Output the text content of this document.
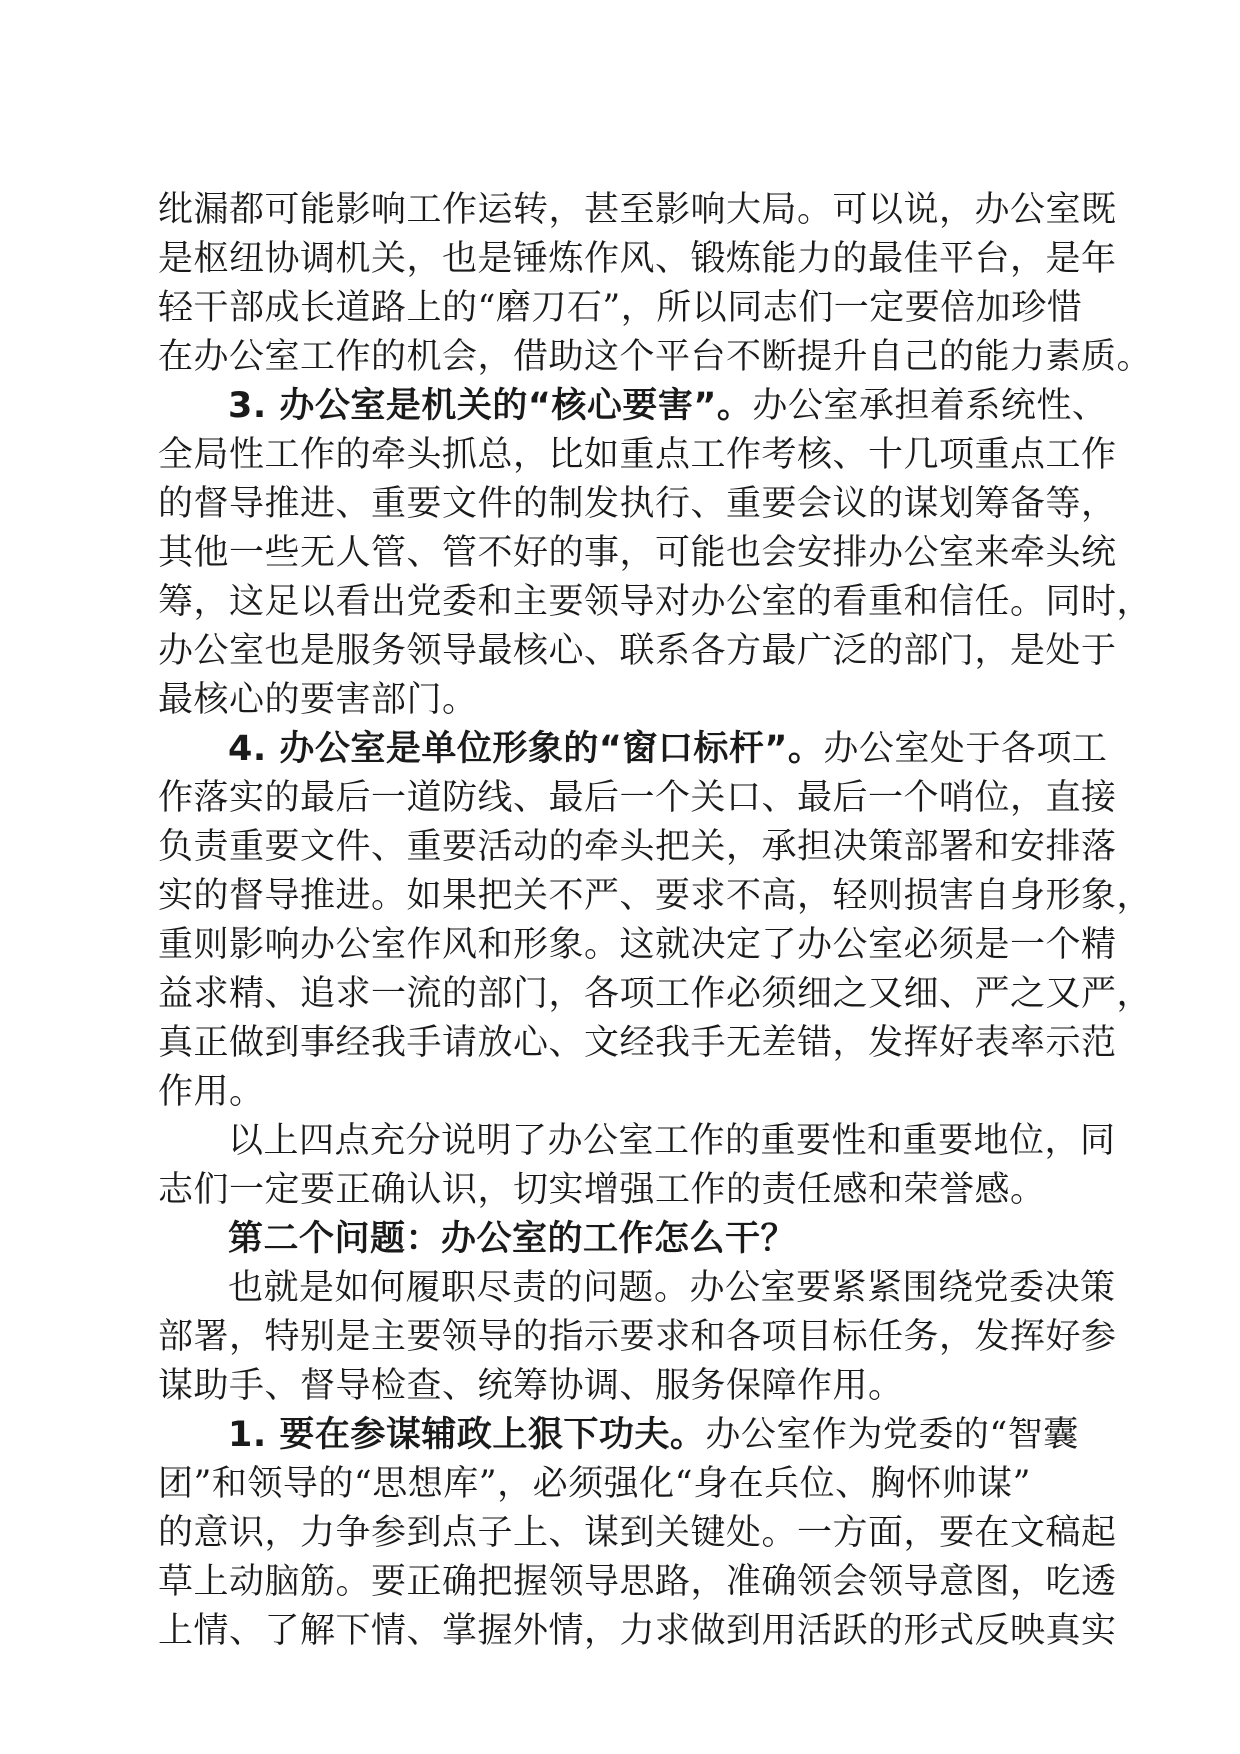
纰漏都可能影响工作运转，甚至影响大局。可以说，办公室既
是枢纽协调机关，也是锤炼作风、锻炼能力的最佳平台，是年
轻干部成长道路上的“磨刀石”，所以同志们一定要倍加珍惜
在办公室工作的机会，借助这个平台不断提升自己的能力素质。
3. 办公室是机关的“核心要害”。办公室承担着系统性、
全局性工作的牵头抓总，比如重点工作考核、十几项重点工作
的督导推进、重要文件的制发执行、重要会议的谋划筹备等，
其他一些无人管、管不好的事，可能也会安排办公室来牵头统
筹，这足以看出党委和主要领导对办公室的看重和信任。同时，
办公室也是服务领导最核心、联系各方最广泛的部门，是处于
最核心的要害部门。
4. 办公室是单位形象的“窗口标杆”。办公室处于各项工
作落实的最后一道防线、最后一个关口、最后一个哨位，直接
负责重要文件、重要活动的牵头把关，承担决策部署和安排落
实的督导推进。如果把关不严、要求不高，轻则损害自身形象，
重则影响办公室作风和形象。这就决定了办公室必须是一个精
益求精、追求一流的部门，各项工作必须细之又细、严之又严，
真正做到事经我手请放心、文经我手无差错，发挥好表率示范
作用。
以上四点充分说明了办公室工作的重要性和重要地位，同
志们一定要正确认识，切实增强工作的责任感和荣誉感。
第二个问题：办公室的工作怎么干？
也就是如何履职尽责的问题。办公室要紧紧围绕党委决策
部署，特别是主要领导的指示要求和各项目标任务，发挥好参
谋助手、督导检查、统筹协调、服务保障作用。
1. 要在参谋辅政上狠下功夫。办公室作为党委的“智囊
团”和领导的“思想库”，必须强化“身在兵位、胸怀帅谋”
的意识，力争参到点子上、谋到关键处。一方面，要在文稿起
草上动脑筋。要正确把握领导思路，准确领会领导意图，吃透
上情、了解下情、掌握外情，力求做到用活跃的形式反映真实
